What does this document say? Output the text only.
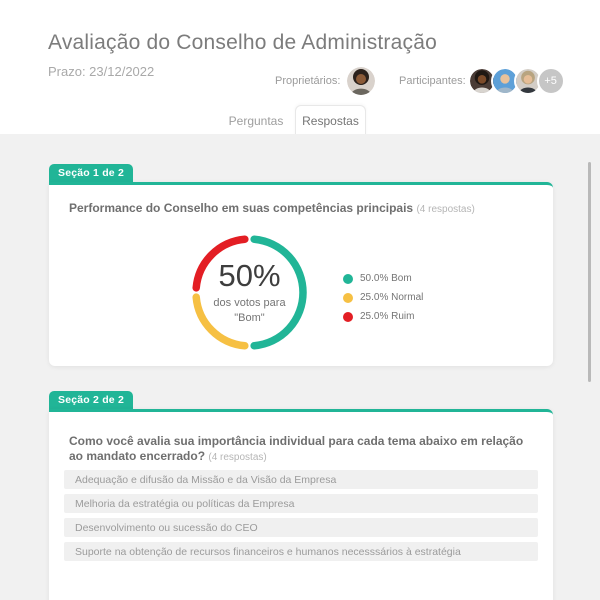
Avaliação do Conselho de Administração
Prazo: 23/12/2022
Proprietários:	Participantes:	+5
Perguntas	Respostas
Seção 1 de 2
Performance do Conselho em suas competências principais (4 respostas)
50%
dos votos para
"Bom"
50.0% Bom
25.0% Normal
25.0% Ruim
Seção 2 de 2
Como você avalia sua importância individual para cada tema abaixo em relação ao mandato encerrado? (4 respostas)
Adequação e difusão da Missão e da Visão da Empresa
Melhoria da estratégia ou políticas da Empresa
Desenvolvimento ou sucessão do CEO
Suporte na obtenção de recursos financeiros e humanos necesssários à estratégia
